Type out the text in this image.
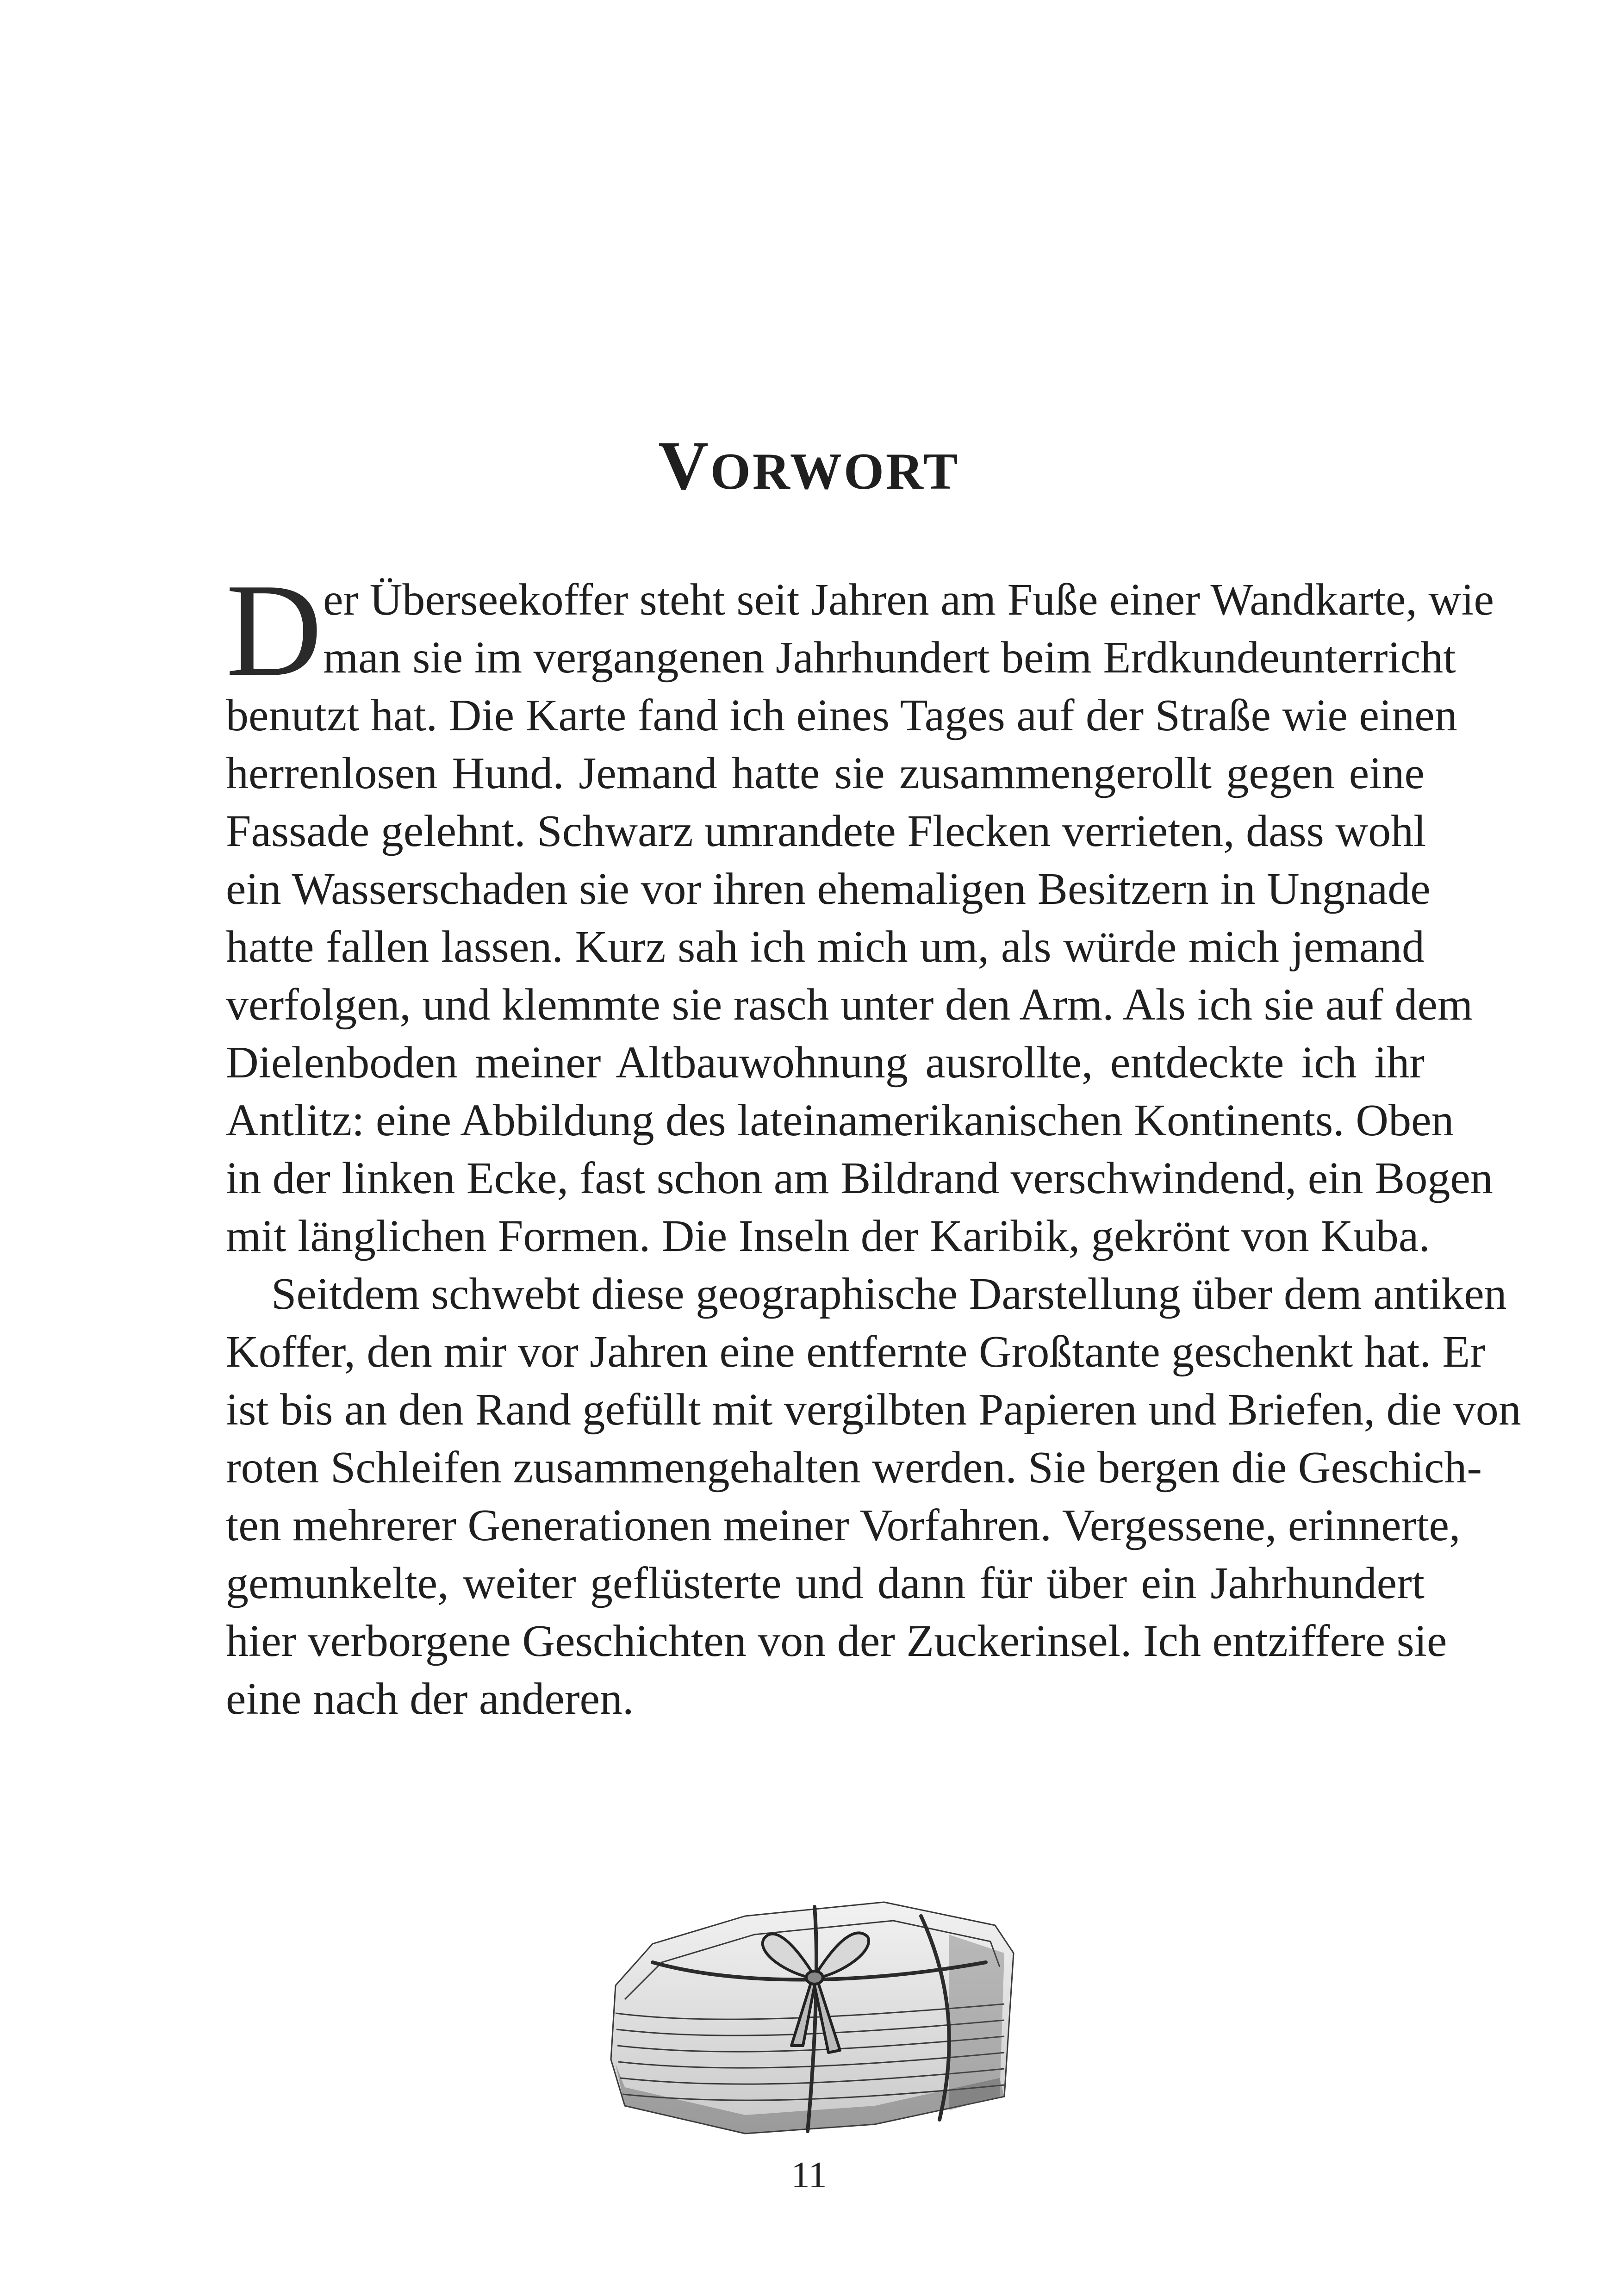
VORWORT
D er Überseekoffer steht seit Jahren am Fuße einer Wandkarte, wie
man sie im vergangenen Jahrhundert beim Erdkundeunterricht
benutzt hat. Die Karte fand ich eines Tages auf der Straße wie einen
herrenlosen Hund. Jemand hatte sie zusammengerollt gegen eine
Fassade gelehnt. Schwarz umrandete Flecken verrieten, dass wohl
ein Wasserschaden sie vor ihren ehemaligen Besitzern in Ungnade
hatte fallen lassen. Kurz sah ich mich um, als würde mich jemand
verfolgen, und klemmte sie rasch unter den Arm. Als ich sie auf dem
Dielenboden meiner Altbauwohnung ausrollte, entdeckte ich ihr
Antlitz: eine Abbildung des lateinamerikanischen Kontinents. Oben
in der linken Ecke, fast schon am Bildrand verschwindend, ein Bogen
mit länglichen Formen. Die Inseln der Karibik, gekrönt von Kuba.
Seitdem schwebt diese geographische Darstellung über dem antiken
Koffer, den mir vor Jahren eine entfernte Großtante geschenkt hat. Er
ist bis an den Rand gefüllt mit vergilbten Papieren und Briefen, die von
roten Schleifen zusammengehalten werden. Sie bergen die Geschich-
ten mehrerer Generationen meiner Vorfahren. Vergessene, erinnerte,
gemunkelte, weiter geflüsterte und dann für über ein Jahrhundert
hier verborgene Geschichten von der Zuckerinsel. Ich entziffere sie
eine nach der anderen.
11
